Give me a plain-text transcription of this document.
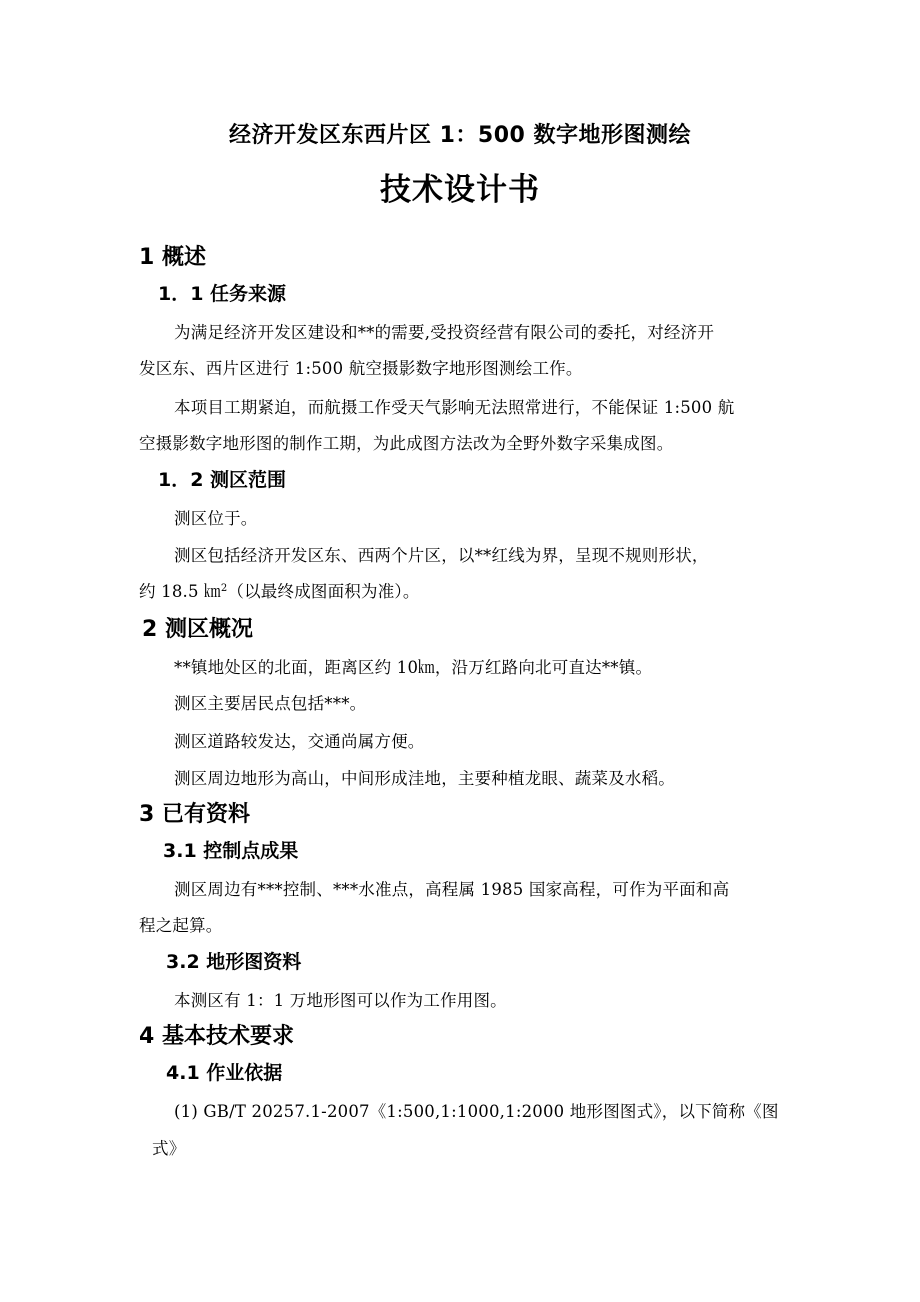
经济开发区东西片区 1：500 数字地形图测绘
技术设计书
1 概述
1．1 任务来源
为满足经济开发区建设和**的需要,受投资经营有限公司的委托，对经济开
发区东、西片区进行 1:500 航空摄影数字地形图测绘工作。
本项目工期紧迫，而航摄工作受天气影响无法照常进行，不能保证 1:500 航
空摄影数字地形图的制作工期，为此成图方法改为全野外数字采集成图。
1．2 测区范围
测区位于。
测区包括经济开发区东、西两个片区，以**红线为界，呈现不规则形状，
约 18.5 ㎞$^2$（以最终成图面积为准）。
2 测区概况
**镇地处区的北面，距离区约 10㎞，沿万红路向北可直达**镇。
测区主要居民点包括***。
测区道路较发达，交通尚属方便。
测区周边地形为高山，中间形成洼地，主要种植龙眼、蔬菜及水稻。
3 已有资料
3.1 控制点成果
测区周边有***控制、***水准点，高程属 1985 国家高程，可作为平面和高
程之起算。
3.2 地形图资料
本测区有 1：1 万地形图可以作为工作用图。
4 基本技术要求
4.1 作业依据
(1) GB/T 20257.1-2007《1:500,1:1000,1:2000 地形图图式》，以下简称《图
式》
